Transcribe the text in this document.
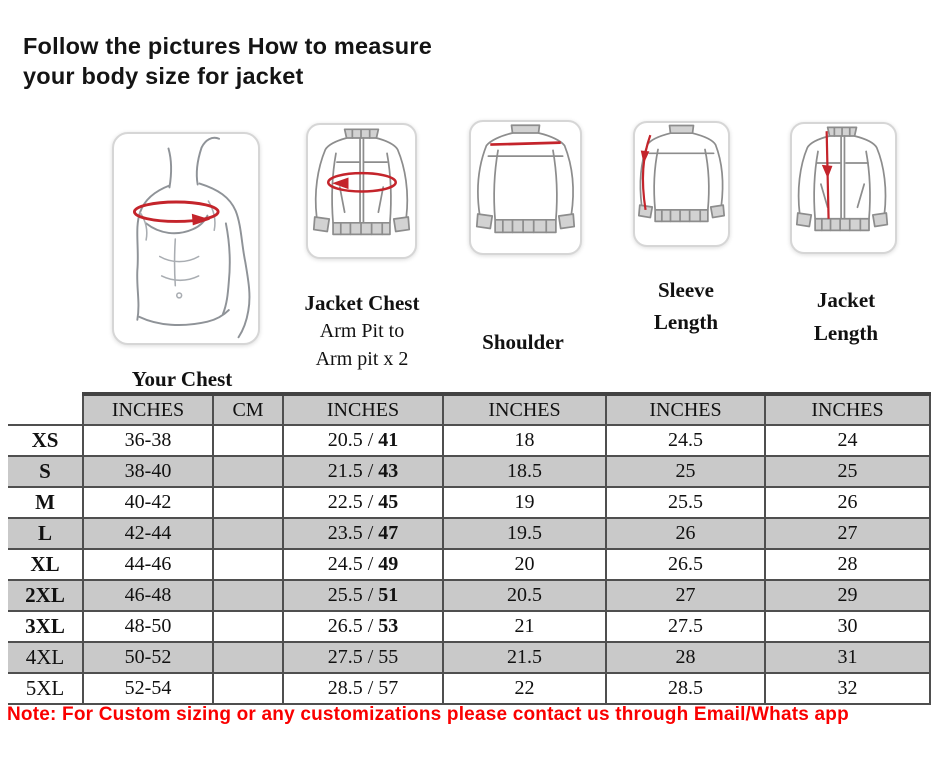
Follow the pictures How to measure
your body size for jacket
Your Chest
Jacket Chest
Arm Pit to
Arm pit x 2
Shoulder
Sleeve
Length
Jacket
Length
	INCHES	CM	INCHES	INCHES	INCHES	INCHES
XS	36-38		20.5 / 41	18	24.5	24
S	38-40		21.5 / 43	18.5	25	25
M	40-42		22.5 / 45	19	25.5	26
L	42-44		23.5 / 47	19.5	26	27
XL	44-46		24.5 / 49	20	26.5	28
2XL	46-48		25.5 / 51	20.5	27	29
3XL	48-50		26.5 / 53	21	27.5	30
4XL	50-52		27.5 / 55	21.5	28	31
5XL	52-54		28.5 / 57	22	28.5	32
Note: For Custom sizing or any customizations please contact us through Email/Whats app
